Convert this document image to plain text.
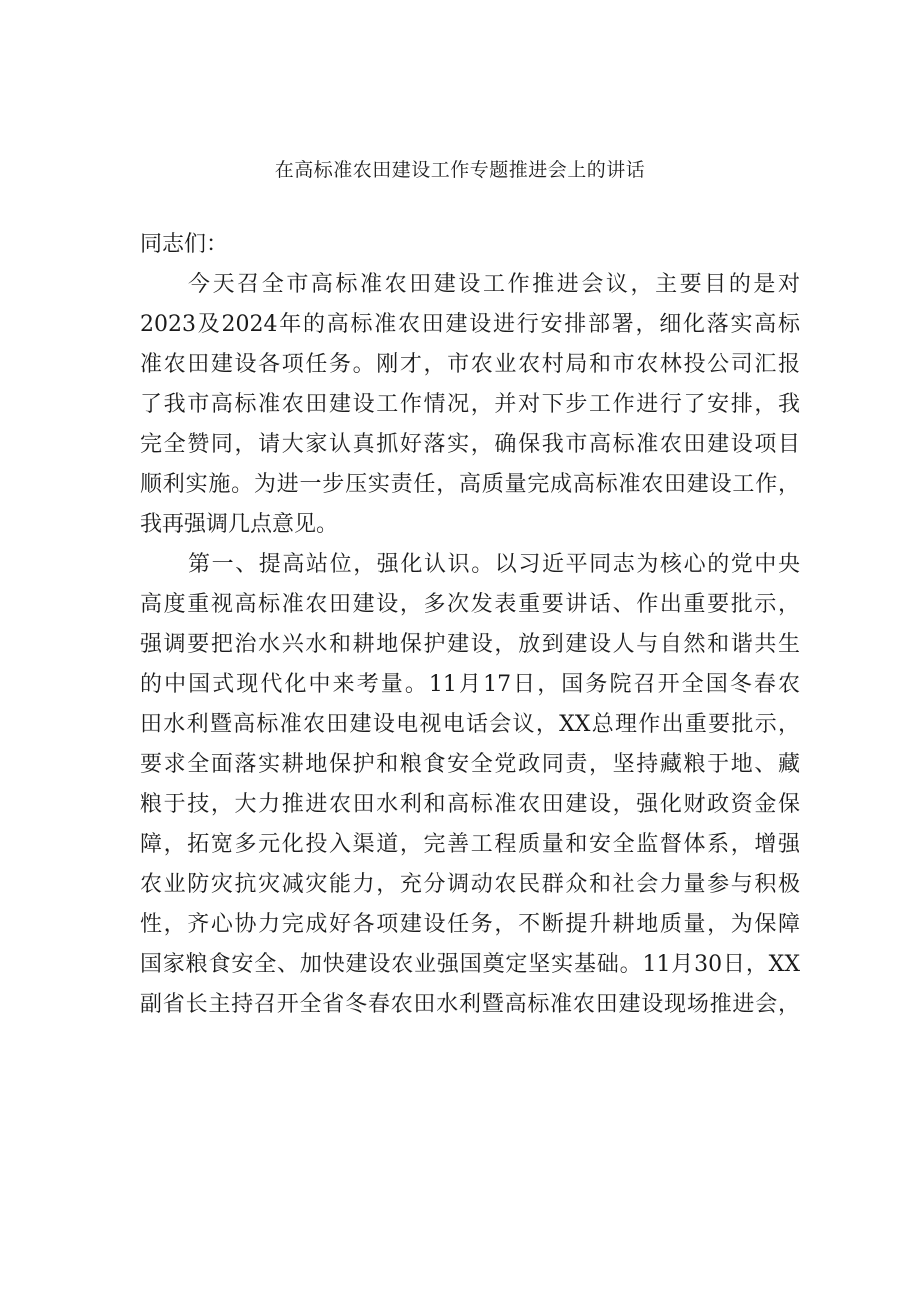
在高标准农田建设工作专题推进会上的讲话
同志们：
今天召全市高标准农田建设工作推进会议，主要目的是对
2023及2024年的高标准农田建设进行安排部署，细化落实高标
准农田建设各项任务。刚才，市农业农村局和市农林投公司汇报
了我市高标准农田建设工作情况，并对下步工作进行了安排，我
完全赞同，请大家认真抓好落实，确保我市高标准农田建设项目
顺利实施。为进一步压实责任，高质量完成高标准农田建设工作，
我再强调几点意见。
第一、提高站位，强化认识。以习近平同志为核心的党中央
高度重视高标准农田建设，多次发表重要讲话、作出重要批示，
强调要把治水兴水和耕地保护建设，放到建设人与自然和谐共生
的中国式现代化中来考量。11月17日，国务院召开全国冬春农
田水利暨高标准农田建设电视电话会议，XX总理作出重要批示，
要求全面落实耕地保护和粮食安全党政同责，坚持藏粮于地、藏
粮于技，大力推进农田水利和高标准农田建设，强化财政资金保
障，拓宽多元化投入渠道，完善工程质量和安全监督体系，增强
农业防灾抗灾减灾能力，充分调动农民群众和社会力量参与积极
性，齐心协力完成好各项建设任务，不断提升耕地质量，为保障
国家粮食安全、加快建设农业强国奠定坚实基础。11月30日，XX
副省长主持召开全省冬春农田水利暨高标准农田建设现场推进会，
